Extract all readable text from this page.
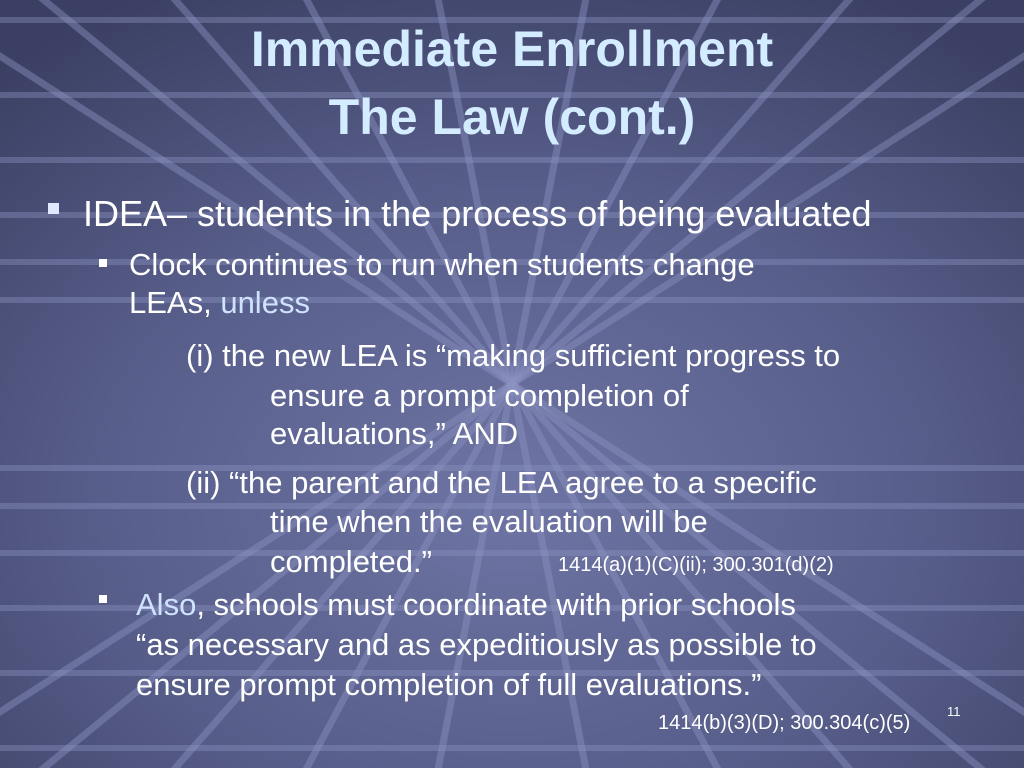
Immediate Enrollment
The Law (cont.)

IDEA– students in the process of being evaluated

Clock continues to run when students change
LEAs, unless

(i) the new LEA is “making sufficient progress to

ensure a prompt completion of

evaluations,” AND

(ii) “the parent and the LEA agree to a specific

time when the evaluation will be

completed.”	1414(a)(1)(C)(ii); 300.301(d)(2)

Also, schools must coordinate with prior schools
“as necessary and as expeditiously as possible to
ensure prompt completion of full evaluations.”

1414(b)(3)(D); 300.304(c)(5)

11
